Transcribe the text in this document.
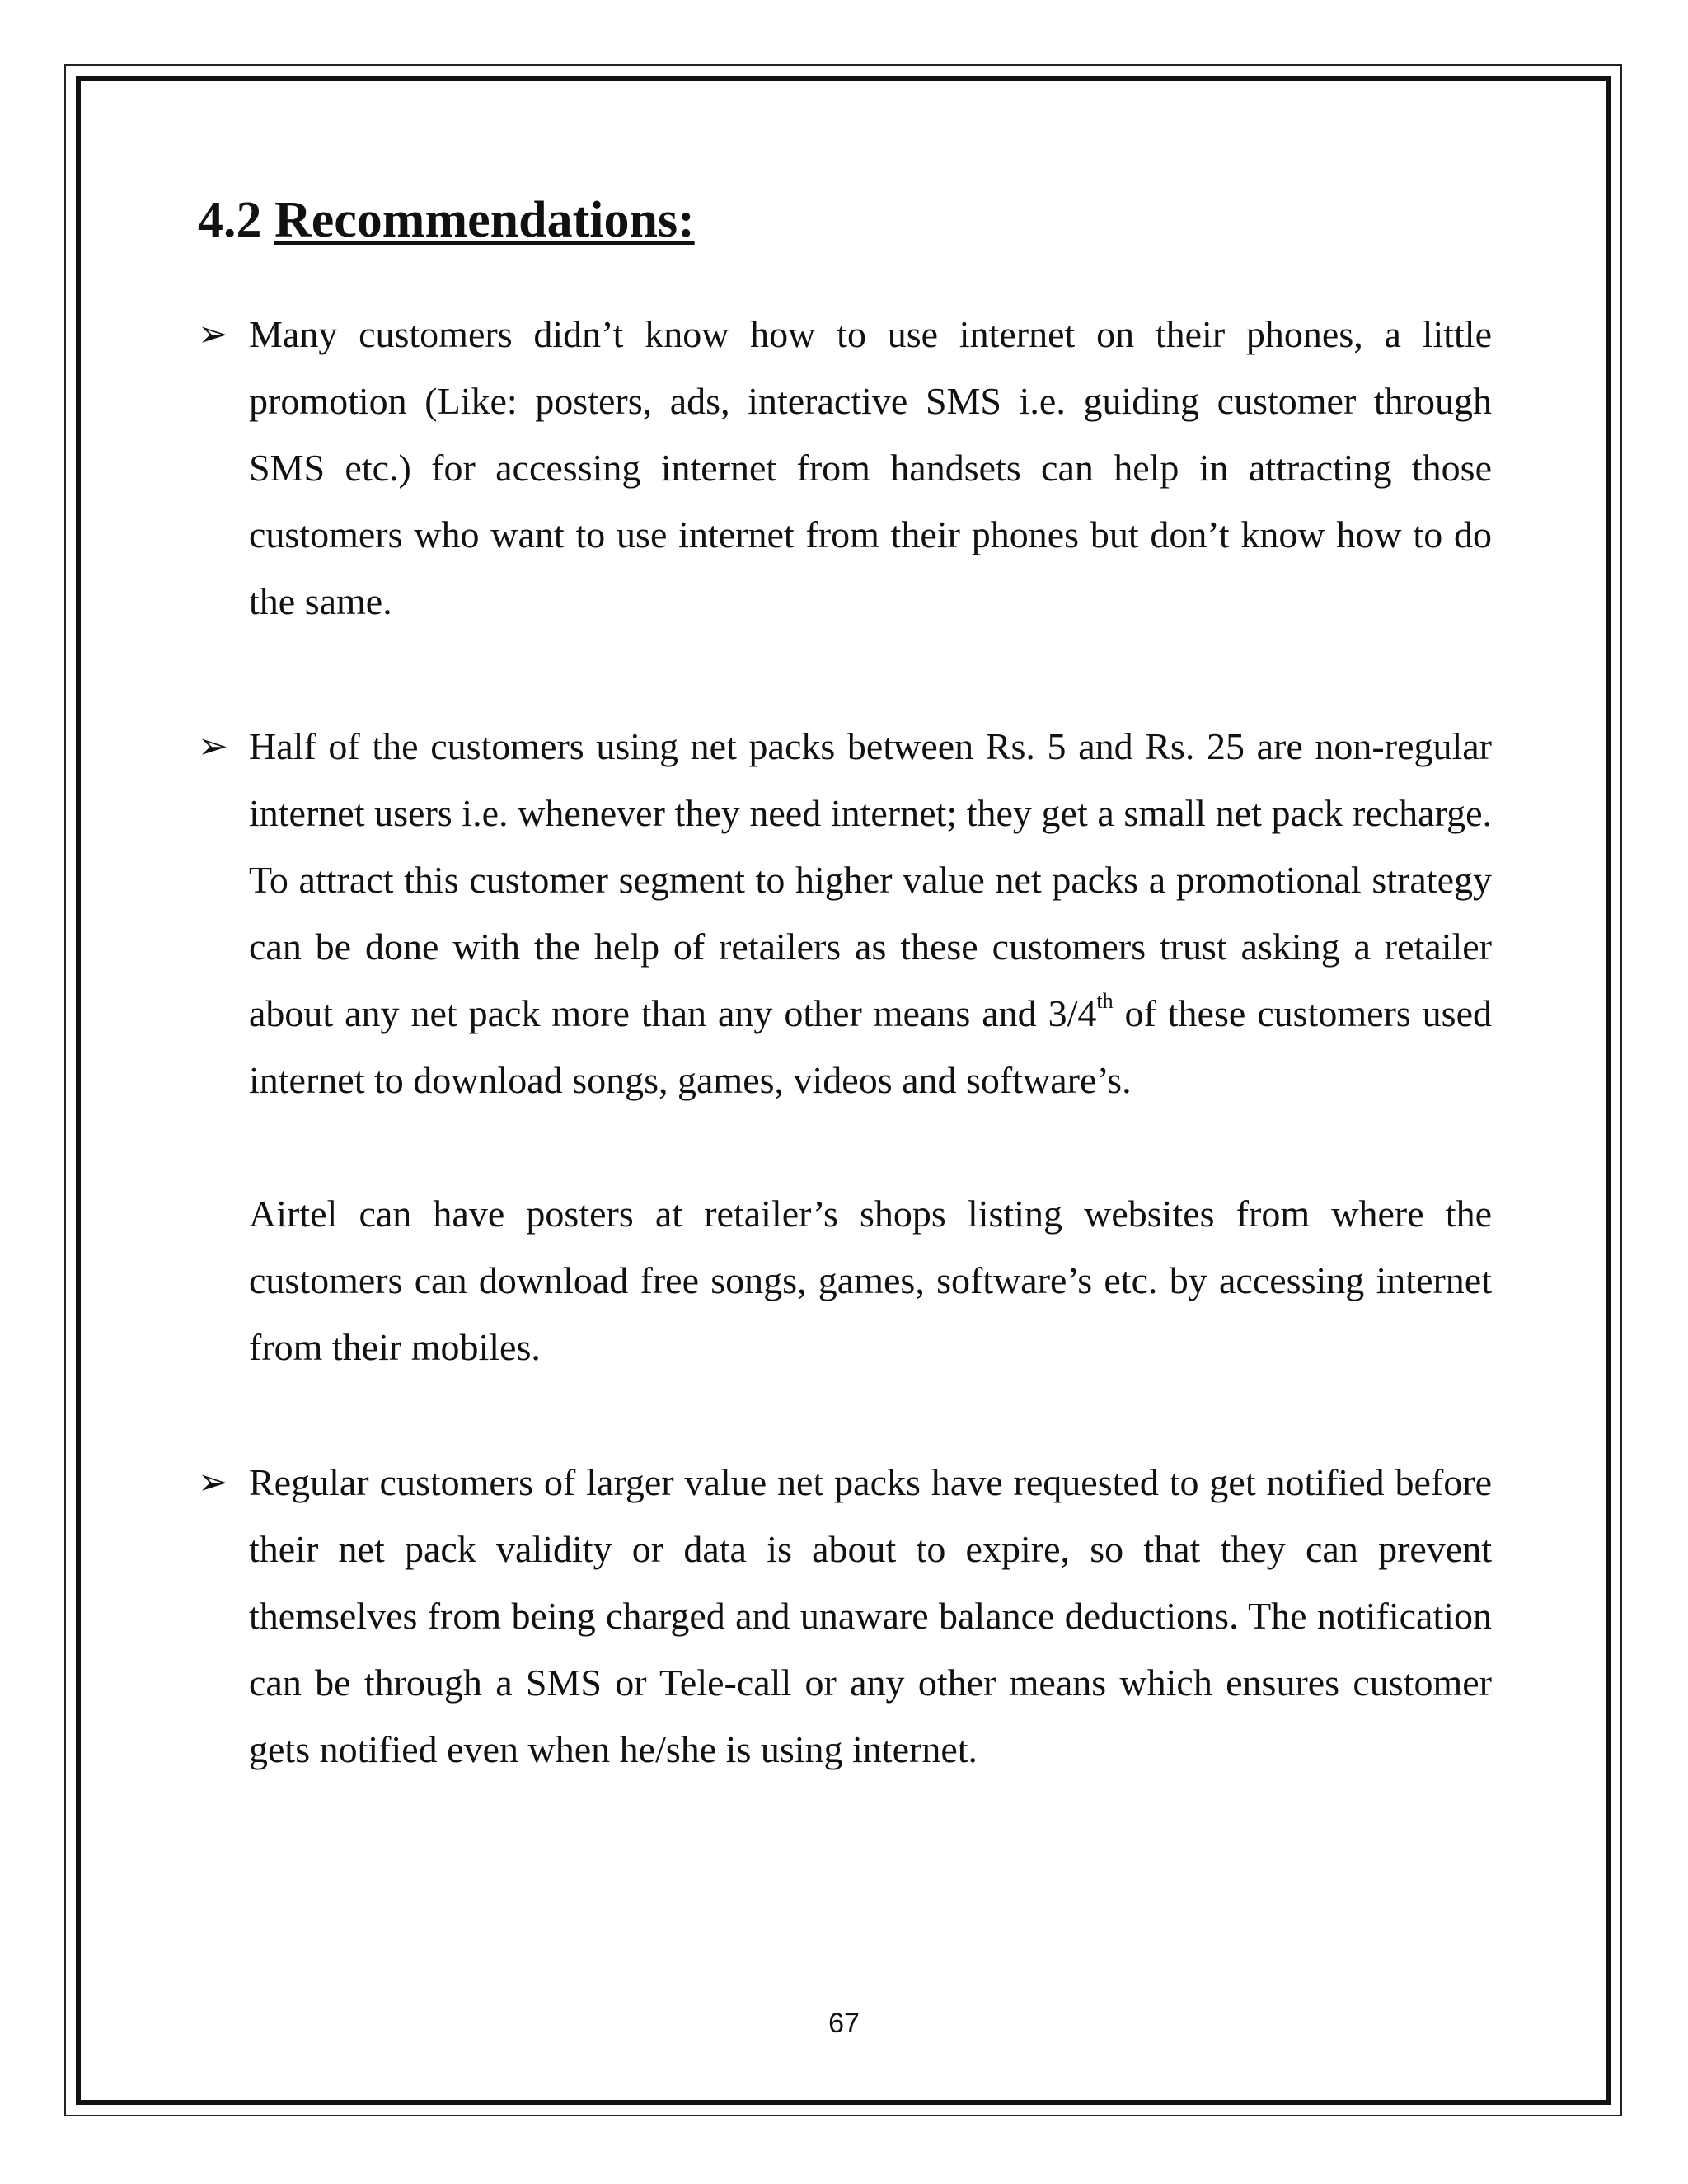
4.2 Recommendations:
➢ Many customers didn’t know how to use internet on their phones, a little promotion (Like: posters, ads, interactive SMS i.e. guiding customer through SMS etc.) for accessing internet from handsets can help in attracting those customers who want to use internet from their phones but don’t know how to do the same.

➢ Half of the customers using net packs between Rs. 5 and Rs. 25 are non-regular internet users i.e. whenever they need internet; they get a small net pack recharge. To attract this customer segment to higher value net packs a promotional strategy can be done with the help of retailers as these customers trust asking a retailer about any net pack more than any other means and 3/4th of these customers used internet to download songs, games, videos and software’s.

Airtel can have posters at retailer’s shops listing websites from where the customers can download free songs, games, software’s etc. by accessing internet from their mobiles.

➢ Regular customers of larger value net packs have requested to get notified before their net pack validity or data is about to expire, so that they can prevent themselves from being charged and unaware balance deductions. The notification can be through a SMS or Tele-call or any other means which ensures customer gets notified even when he/she is using internet.

67
